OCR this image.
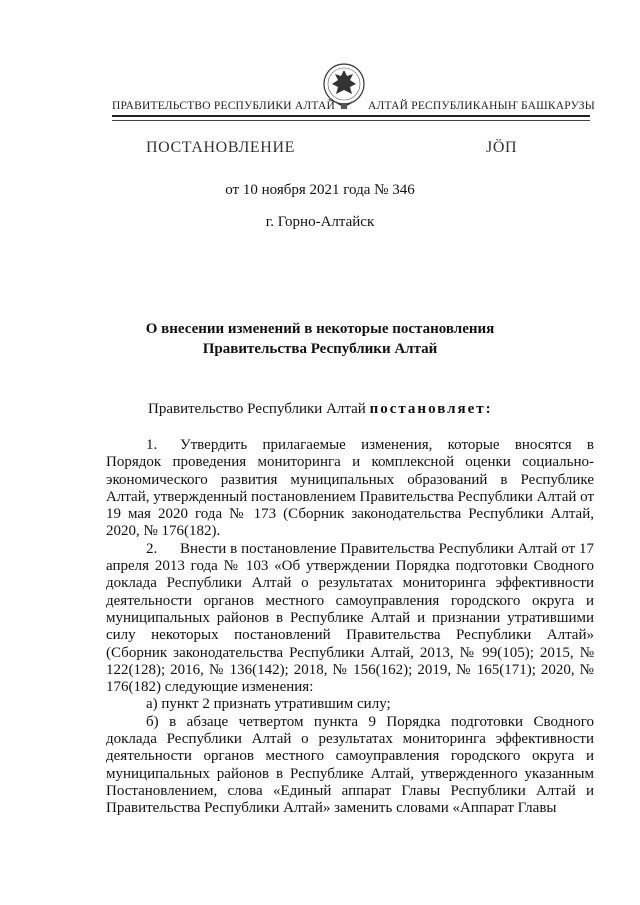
ПРАВИТЕЛЬСТВО РЕСПУБЛИКИ АЛТАЙ	АЛТАЙ РЕСПУБЛИКАНЫҤ БАШКАРУЗЫ
ПОСТАНОВЛЕНИЕ	JӦП
от 10 ноября 2021 года № 346
г. Горно-Алтайск
О внесении изменений в некоторые постановления
Правительства Республики Алтай
Правительство Республики Алтай постановляет:

1. Утвердить прилагаемые изменения, которые вносятся в Порядок проведения мониторинга и комплексной оценки социально-экономического развития муниципальных образований в Республике Алтай, утвержденный постановлением Правительства Республики Алтай от 19 мая 2020 года № 173 (Сборник законодательства Республики Алтай, 2020, № 176(182).

2. Внести в постановление Правительства Республики Алтай от 17 апреля 2013 года № 103 «Об утверждении Порядка подготовки Сводного доклада Республики Алтай о результатах мониторинга эффективности деятельности органов местного самоуправления городского округа и муниципальных районов в Республике Алтай и признании утратившими силу некоторых постановлений Правительства Республики Алтай» (Сборник законодательства Республики Алтай, 2013, № 99(105); 2015, № 122(128); 2016, № 136(142); 2018, № 156(162); 2019, № 165(171); 2020, № 176(182) следующие изменения:

а) пункт 2 признать утратившим силу;

б) в абзаце четвертом пункта 9 Порядка подготовки Сводного доклада Республики Алтай о результатах мониторинга эффективности деятельности органов местного самоуправления городского округа и муниципальных районов в Республике Алтай, утвержденного указанным Постановлением, слова «Единый аппарат Главы Республики Алтай и Правительства Республики Алтай» заменить словами «Аппарат Главы
